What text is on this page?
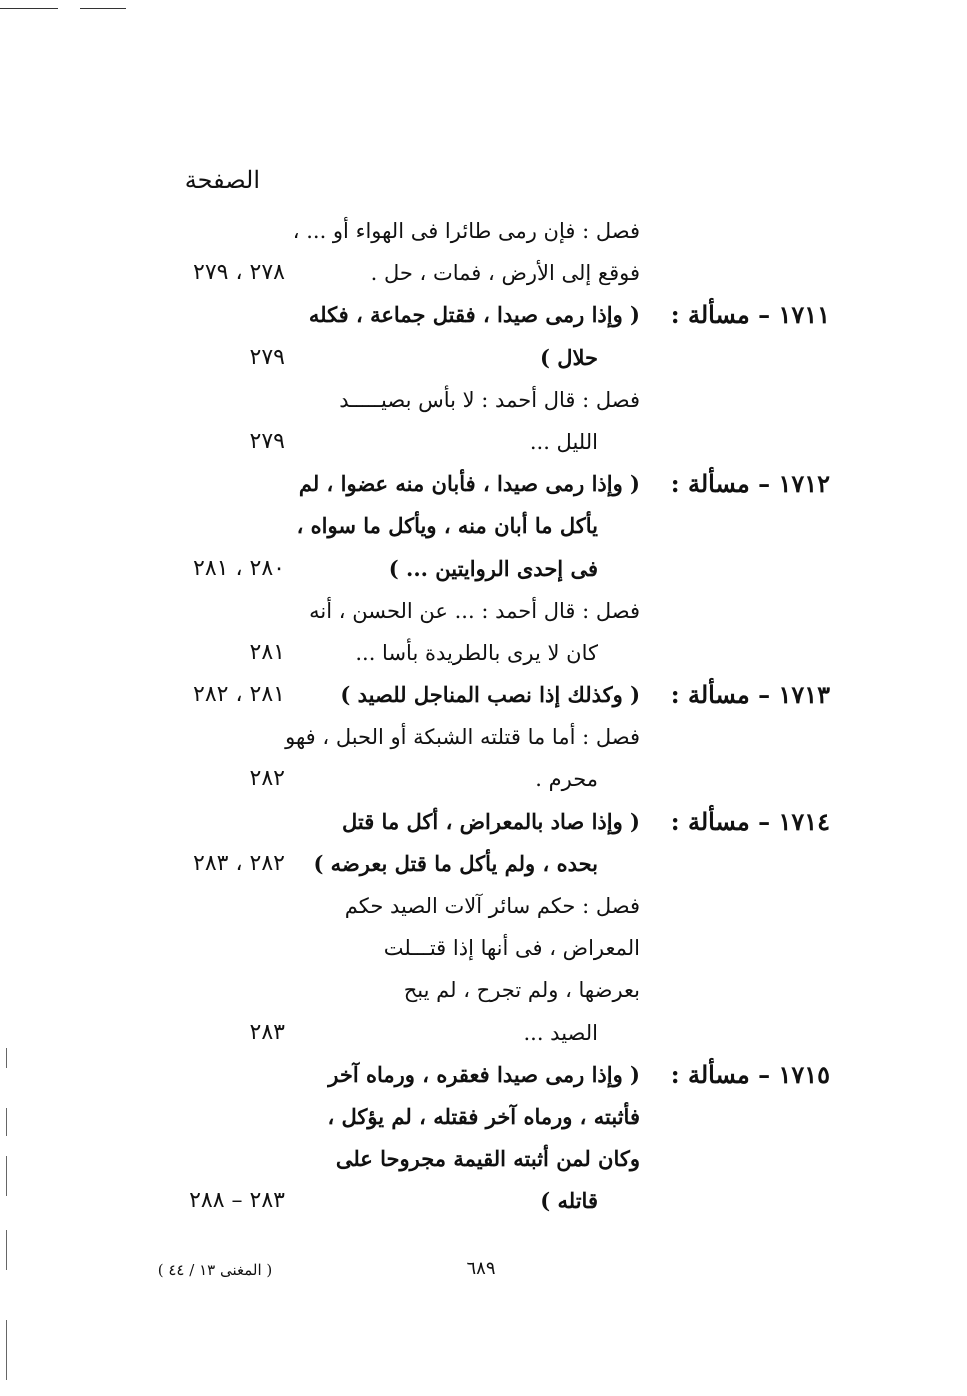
الصفحة
فصل : فإن رمى طائرا فى الهواء أو ... ،
فوقع إلى الأرض ، فمات ، حل .
٢٧٨ ، ٢٧٩
١٧١١ – مسألة :
( وإذا رمى صيدا ، فقتل جماعة ، فكله
حلال )
٢٧٩
فصل : قال أحمد : لا بأس بصيـــــد
الليل ...
٢٧٩
١٧١٢ – مسألة :
( وإذا رمى صيدا ، فأبان منه عضوا ، لم
يأكل ما أبان منه ، ويأكل ما سواه ،
فى إحدى الروايتين ... )
٢٨٠ ، ٢٨١
فصل : قال أحمد : ... عن الحسن ، أنه
كان لا يرى بالطريدة بأسا ...
٢٨١
١٧١٣ – مسألة :
( وكذلك إذا نصب المناجل للصيد )
٢٨١ ، ٢٨٢
فصل : أما ما قتلته الشبكة أو الحبل ، فهو
محرم .
٢٨٢
١٧١٤ – مسألة :
( وإذا صاد بالمعراض ، أكل ما قتل
بحده ، ولم يأكل ما قتل بعرضه )
٢٨٢ ، ٢٨٣
فصل : حكم سائر آلات الصيد حكم
المعراض ، فى أنها إذا قتـــلت
بعرضها ، ولم تجرح ، لم يبح
الصيد ...
٢٨٣
١٧١٥ – مسألة :
( وإذا رمى صيدا فعقره ، ورماه آخر
فأثبته ، ورماه آخر فقتله ، لم يؤكل ،
وكان لمن أثبته القيمة مجروحا على
قاتله )
٢٨٣ – ٢٨٨
( المغنى ١٣ / ٤٤ )	٦٨٩
